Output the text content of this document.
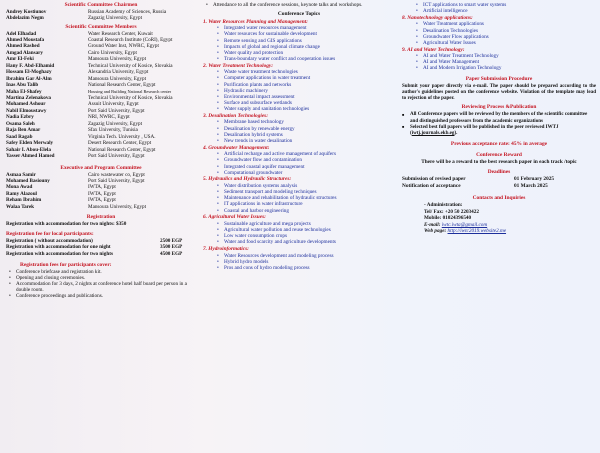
Scientific Committee Chairmen
Andrey Kostiunov	Russian Academy of Sciences, Russia
Abdelazim Negm	Zagazig University, Egypt
Scientific Committee Members
Adel Elhadad	Water Research Center, Kuwait
Ahmed Moustafa	Coastal Research Institute (CoRI), Egypt
Ahmed Rashed	Ground Water Inst, NWRC, Egypt
Amgad Alansary	Cairo University, Egypt
Amr El-Feki	Mansoura University, Egypt
Hany F. Abd-Elhamid	Technical University of Kosice, Slovakia
Hossam El-Moghazy	Alexandria University, Egypt
Ibrahim Gar Al-Alm	Mansoura University, Egypt
Inas Abu Talib	National Research Center, Egypt
Maha El-Shafey	Housing and Building National Research center
Martina Zelenakova	Technical University of Kosice, Slovakia
Mohamed Ashour	Assuit University, Egypt
Nabil Elmoustawy	Port Said University, Egypt
Nadia Ezbry	NRI, NWRC, Egypt
Osama Saleh	Zagazig University, Egypt
Raja Ben Amar	Sfax University, Tunisia
Saad Ragab	Virginia Tech. University , USA.
Safey Elden Merwaly	Desert Research Center, Egypt
Sahair I. Abou-Elela	National Research Center, Egypt
Yasser Ahmed Hamed	Port Said University, Egypt
Executive and Program Committee
Asmaa Samir	Cairo wastewater co, Egypt
Mohamed Basiouny	Port Said University, Egypt
Mona Awad	IWTA, Egypt
Ramy Alazoul	IWTA, Egypt
Reham Ibrahim	IWTA, Egypt
Walaa Tarek	Mansoura University, Egypt
Registration
Registration with accommodation for two nights: $350
Registration fee for local participants:
Registration ( without accommodation)	2500 EGP
Registration with accommodation for one night	3500 EGP
Registration with accommodation for two nights	4500 EGP
Registration fees for participants cover:
• Conference briefcase and registration kit.
• Opening and closing ceremonies.
• Accommodation for 3 days, 2 nights at conference hotel half board per person in a double room.
• Conference proceedings and publications.
• Attendance to all the conference sessions, keynote talks and workshops.
Conference Topics
1. Water Resources Planning and Management:
• Integrated water resources management
• Water resources for sustainable development
• Remote sensing and GIS applications
• Impacts of global and regional climate change
• Water quality and protection
• Trans-boundary water conflict and cooperation issues
2. Water Treatment Technology:
• Waste water treatment technologies
• Computer applications in water treatment
• Purification plants and networks
• Hydraulic machinery
• Environmental impact assessment
• Surface and subsurface wetlands
• Water supply and sanitation technologies
3. Desalination Technologies:
• Membrane based technology
• Desalination by renewable energy
• Desalination hybrid systems
• New trends in water desalination
4. Groundwater Management:
• Artificial recharge and active management of aquifers
• Groundwater flow and contamination
• Integrated coastal aquifer management
• Computational groundwater
5. Hydraulics and Hydraulic Structures:
• Water distribution systems analysis
• Sediment transport and modeling techniques
• Maintenance and rehabilitation of hydraulic structures
• IT applications in water infrastructure
• Coastal and harbor engineering
6. Agricultural Water Issues:
• Sustainable agriculture and mega projects
• Agricultural water pollution and reuse technologies
• Low water consumption crops
• Water and food scarcity and agriculture developments
7. Hydroinformatics:
• Water Resources development and modeling process
• Hybrid hydro models
• Pros and cons of hydro modeling process
• ICT applications to smart water systems
• Artificial intelligence
8. Nanotechnology applications:
• Water Treatment applications
• Desalination Technologies
• Groundwater Flow applications
• Agricultural Water Issues
9. AI and Water Technology:
• AI and Water Treatment Technology
• AI and Water Management
• AI and Modern Irrigation Technology
Paper Submission Procedure
Submit your paper directly via e-mail. The paper should be prepared according to the author's guidelines posted on the conference website. Violation of the template may lead to rejection of the paper.
Reviewing Process &Publication
■ All Conference papers will be reviewed by the members of the scientific committee and distinguished professors from the academic organizations
■ Selected best full papers will be published in the peer reviewed IWTJ (iwtj.journals.ekb.eg).
Previous acceptance rate: 45% in average
Conference Reward
There will be a reward to the best research paper in each track /topic
Deadlines
Submission of revised paper	01 February 2025
Notification of acceptance	01 March 2025
Contacts and Inquiries
- Administration:
Tel/ Fax: +20 50 2203422
Mobile: 01024396540
E-mail: iwtc.iwta@gmail.com
Web page: http://iwtc2019.website2.me
